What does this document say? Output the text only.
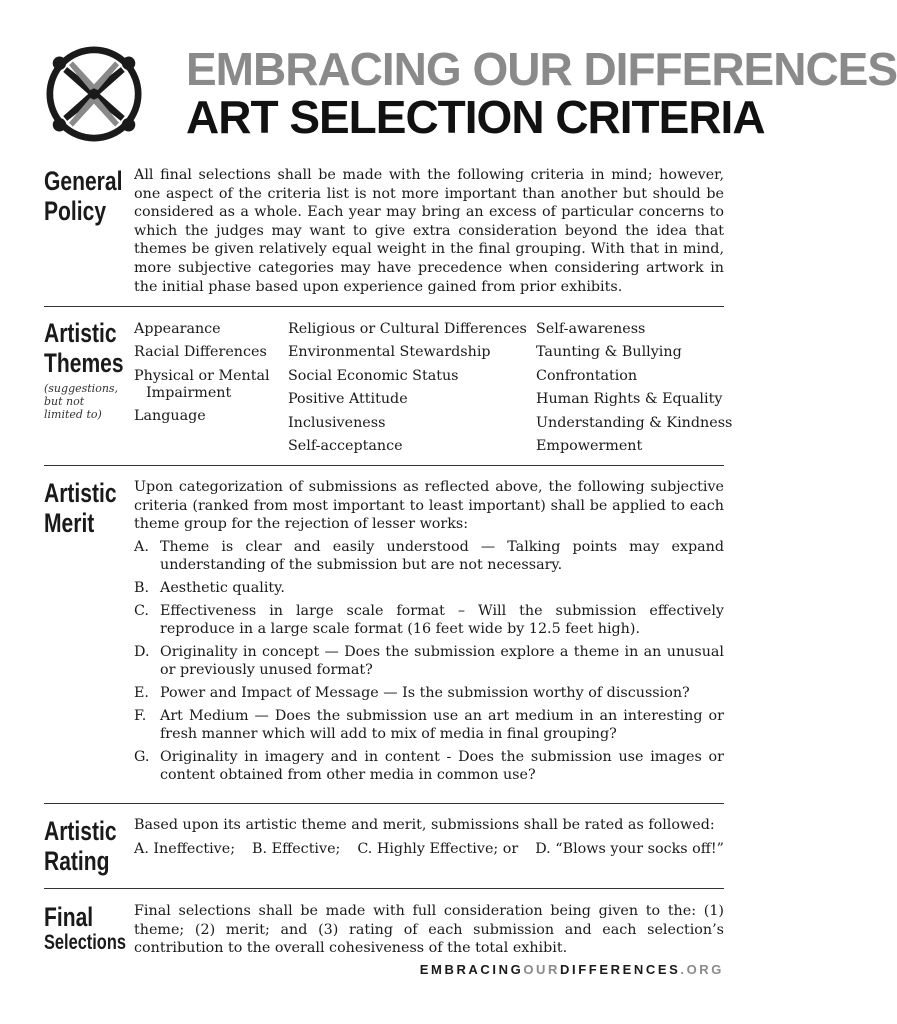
EMBRACING OUR DIFFERENCES
ART SELECTION CRITERIA
General
Policy
All final selections shall be made with the following criteria in mind; however, one aspect of the criteria list is not more important than another but should be considered as a whole. Each year may bring an excess of particular concerns to which the judges may want to give extra consideration beyond the idea that themes be given relatively equal weight in the final grouping. With that in mind, more subjective categories may have precedence when considering artwork in the initial phase based upon experience gained from prior exhibits.
Artistic
Themes
(suggestions, but not limited to)
Appearance
Racial Differences
Physical or Mental
Impairment
Language
Religious or Cultural Differences
Environmental Stewardship
Social Economic Status
Positive Attitude
Inclusiveness
Self-acceptance
Self-awareness
Taunting & Bullying
Confrontation
Human Rights & Equality
Understanding & Kindness
Empowerment
Artistic
Merit
Upon categorization of submissions as reflected above, the following subjective criteria (ranked from most important to least important) shall be applied to each theme group for the rejection of lesser works:
A. Theme is clear and easily understood — Talking points may expand understanding of the submission but are not necessary.
B. Aesthetic quality.
C. Effectiveness in large scale format – Will the submission effectively reproduce in a large scale format (16 feet wide by 12.5 feet high).
D. Originality in concept — Does the submission explore a theme in an unusual or previously unused format?
E. Power and Impact of Message — Is the submission worthy of discussion?
F. Art Medium — Does the submission use an art medium in an interesting or fresh manner which will add to mix of media in final grouping?
G. Originality in imagery and in content - Does the submission use images or content obtained from other media in common use?
Artistic
Rating
Based upon its artistic theme and merit, submissions shall be rated as followed:
A. Ineffective; B. Effective; C. Highly Effective; or D. “Blows your socks off!”
Final
Selections
Final selections shall be made with full consideration being given to the: (1) theme; (2) merit; and (3) rating of each submission and each selection’s contribution to the overall cohesiveness of the total exhibit.
EMBRACINGOURDIFFERENCES.ORG
